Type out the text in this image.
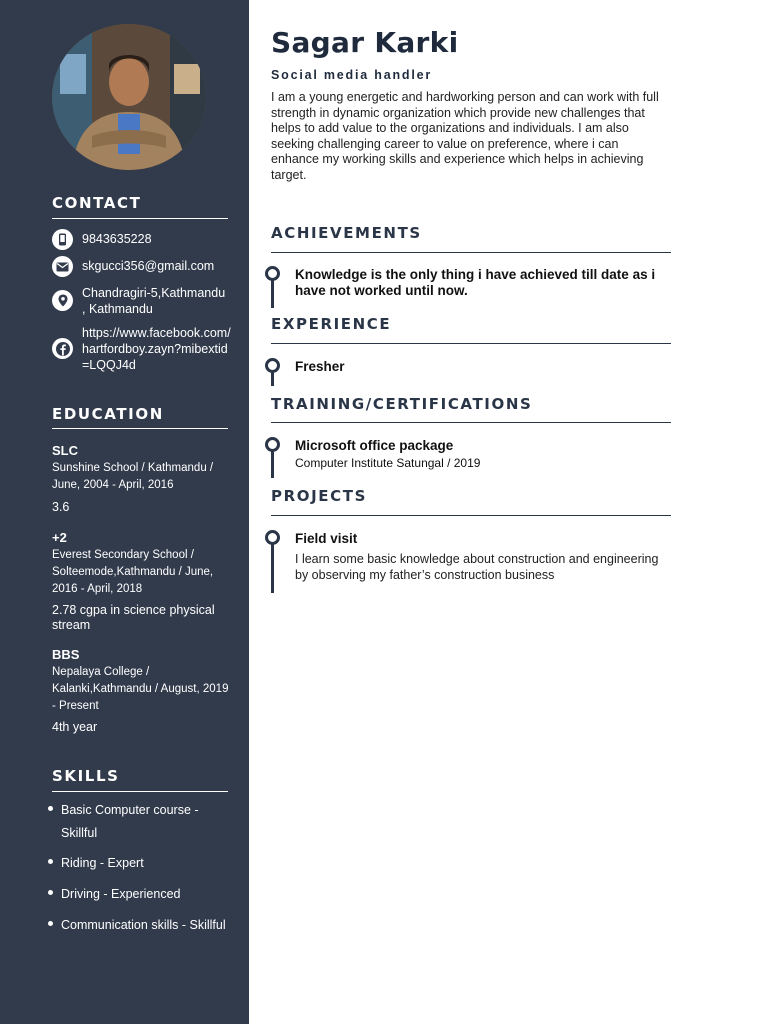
CONTACT
9843635228
skgucci356@gmail.com
Chandragiri-5,Kathmandu , Kathmandu
https://www.facebook.com/hartfordboy.zayn?mibextid=LQQJ4d
EDUCATION
SLC
Sunshine School / Kathmandu / June, 2004 - April, 2016
3.6
+2
Everest Secondary School / Solteemode,Kathmandu / June, 2016 - April, 2018
2.78 cgpa in science physical stream
BBS
Nepalaya College / Kalanki,Kathmandu / August, 2019 - Present
4th year
SKILLS
Basic Computer course - Skillful
Riding - Expert
Driving - Experienced
Communication skills - Skillful
Sagar Karki
Social media handler
I am a young energetic and hardworking person and can work with full strength in dynamic organization which provide new challenges that helps to add value to the organizations and individuals. I am also seeking challenging career to value on preference, where i can enhance my working skills and experience which helps in achieving target.
ACHIEVEMENTS
Knowledge is the only thing i have achieved till date as i have not worked until now.
EXPERIENCE
Fresher
TRAINING/CERTIFICATIONS
Microsoft office package
Computer Institute Satungal / 2019
PROJECTS
Field visit
I learn some basic knowledge about construction and engineering by observing my father’s construction business
